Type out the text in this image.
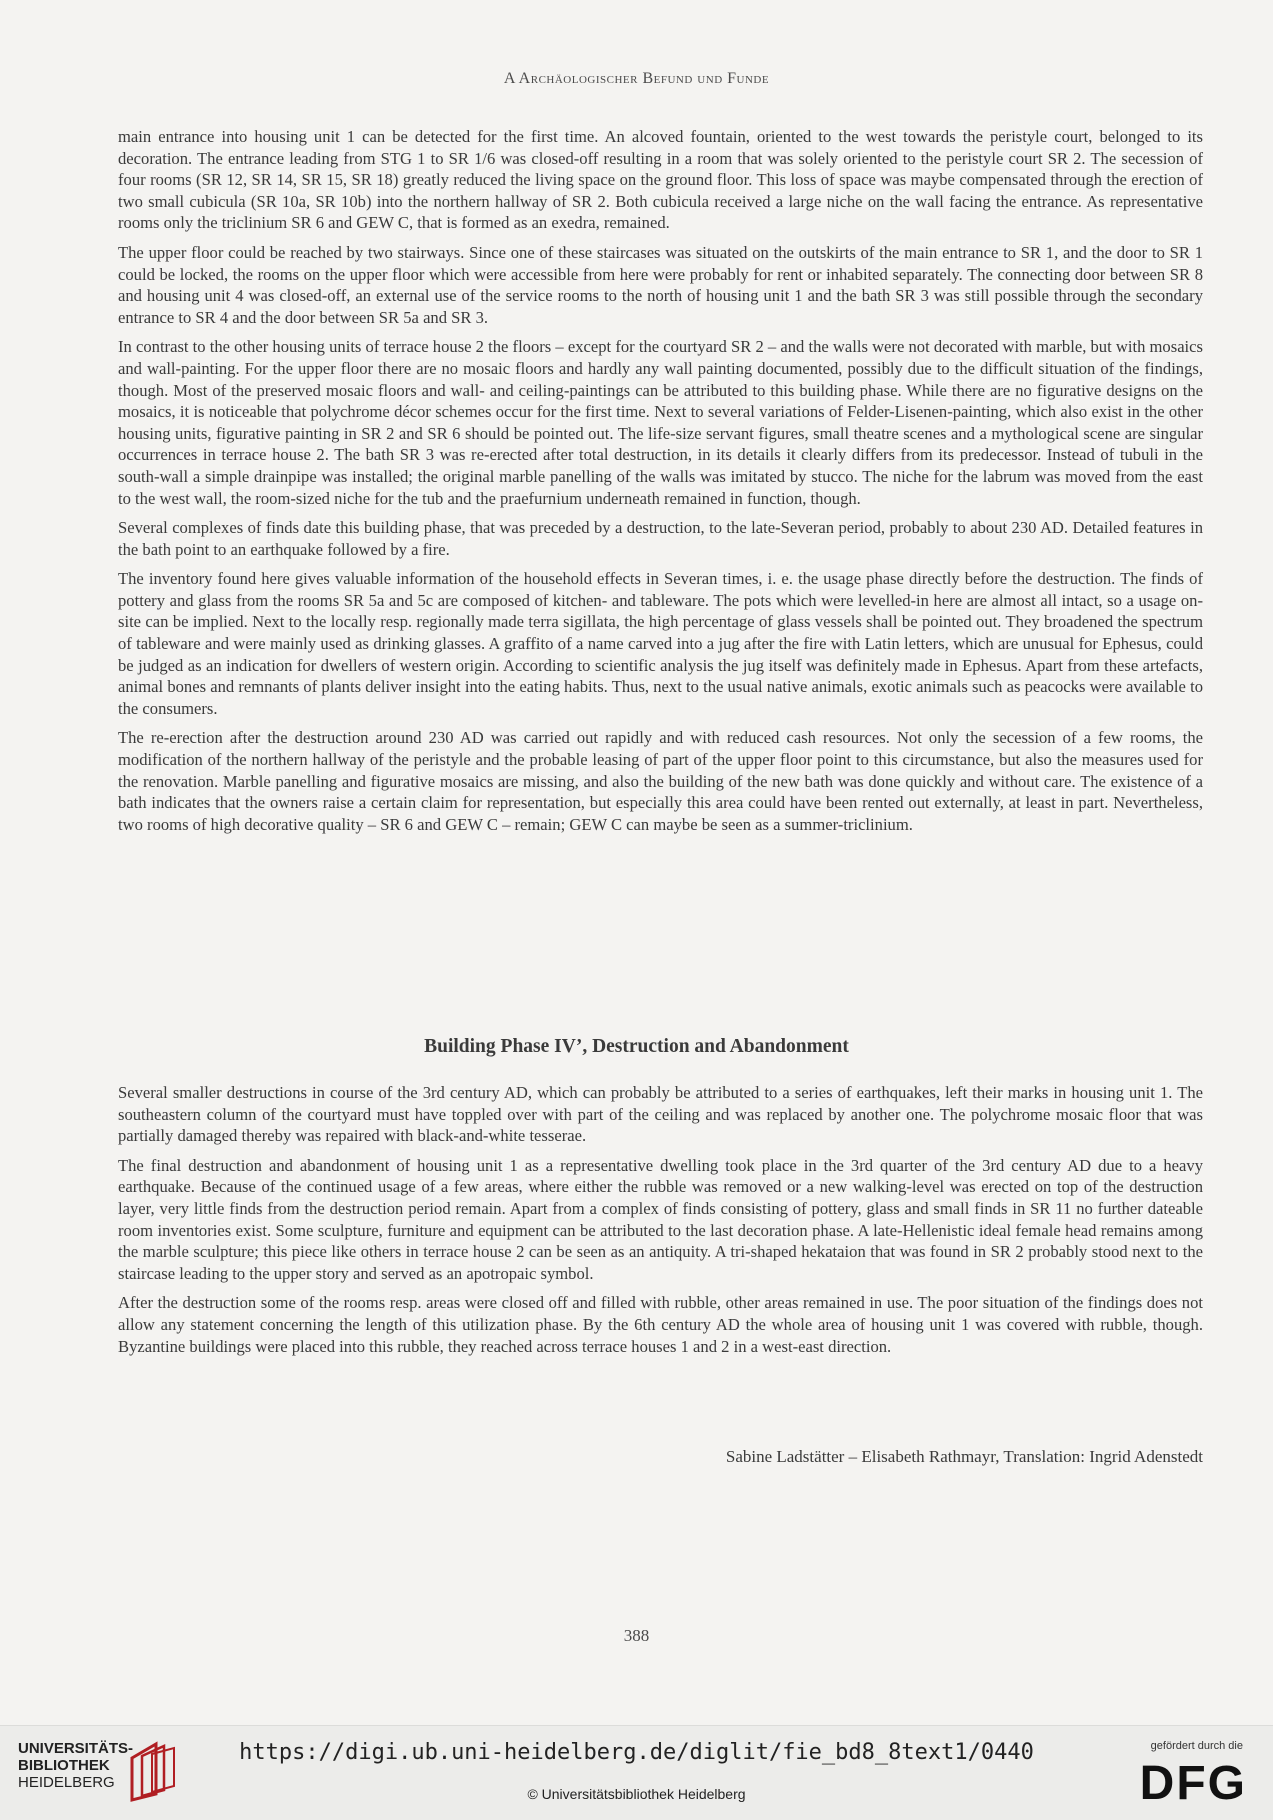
A Archäologischer Befund und Funde

main entrance into housing unit 1 can be detected for the first time. An alcoved fountain, oriented to the west towards the peristyle court, belonged to its decoration. The entrance leading from STG 1 to SR 1/6 was closed-off resulting in a room that was solely oriented to the peristyle court SR 2. The secession of four rooms (SR 12, SR 14, SR 15, SR 18) greatly reduced the living space on the ground floor. This loss of space was maybe compensated through the erection of two small cubicula (SR 10a, SR 10b) into the northern hallway of SR 2. Both cubicula received a large niche on the wall facing the entrance. As representative rooms only the triclinium SR 6 and GEW C, that is formed as an exedra, remained.

The upper floor could be reached by two stairways. Since one of these staircases was situated on the outskirts of the main entrance to SR 1, and the door to SR 1 could be locked, the rooms on the upper floor which were accessible from here were probably for rent or inhabited separately. The connecting door between SR 8 and housing unit 4 was closed-off, an external use of the service rooms to the north of housing unit 1 and the bath SR 3 was still possible through the secondary entrance to SR 4 and the door between SR 5a and SR 3.

In contrast to the other housing units of terrace house 2 the floors – except for the courtyard SR 2 – and the walls were not decorated with marble, but with mosaics and wall-painting. For the upper floor there are no mosaic floors and hardly any wall painting documented, possibly due to the difficult situation of the findings, though. Most of the preserved mosaic floors and wall- and ceiling-paintings can be attributed to this building phase. While there are no figurative designs on the mosaics, it is noticeable that polychrome décor schemes occur for the first time. Next to several variations of Felder-Lisenen-painting, which also exist in the other housing units, figurative painting in SR 2 and SR 6 should be pointed out. The life-size servant figures, small theatre scenes and a mythological scene are singular occurrences in terrace house 2. The bath SR 3 was re-erected after total destruction, in its details it clearly differs from its predecessor. Instead of tubuli in the south-wall a simple drainpipe was installed; the original marble panelling of the walls was imitated by stucco. The niche for the labrum was moved from the east to the west wall, the room-sized niche for the tub and the praefurnium underneath remained in function, though.

Several complexes of finds date this building phase, that was preceded by a destruction, to the late-Severan period, probably to about 230 AD. Detailed features in the bath point to an earthquake followed by a fire.

The inventory found here gives valuable information of the household effects in Severan times, i. e. the usage phase directly before the destruction. The finds of pottery and glass from the rooms SR 5a and 5c are composed of kitchen- and tableware. The pots which were levelled-in here are almost all intact, so a usage on-site can be implied. Next to the locally resp. regionally made terra sigillata, the high percentage of glass vessels shall be pointed out. They broadened the spectrum of tableware and were mainly used as drinking glasses. A graffito of a name carved into a jug after the fire with Latin letters, which are unusual for Ephesus, could be judged as an indication for dwellers of western origin. According to scientific analysis the jug itself was definitely made in Ephesus. Apart from these artefacts, animal bones and remnants of plants deliver insight into the eating habits. Thus, next to the usual native animals, exotic animals such as peacocks were available to the consumers.

The re-erection after the destruction around 230 AD was carried out rapidly and with reduced cash resources. Not only the secession of a few rooms, the modification of the northern hallway of the peristyle and the probable leasing of part of the upper floor point to this circumstance, but also the measures used for the renovation. Marble panelling and figurative mosaics are missing, and also the building of the new bath was done quickly and without care. The existence of a bath indicates that the owners raise a certain claim for representation, but especially this area could have been rented out externally, at least in part. Nevertheless, two rooms of high decorative quality – SR 6 and GEW C – remain; GEW C can maybe be seen as a summer-triclinium.

Building Phase IV’, Destruction and Abandonment

Several smaller destructions in course of the 3rd century AD, which can probably be attributed to a series of earthquakes, left their marks in housing unit 1. The southeastern column of the courtyard must have toppled over with part of the ceiling and was replaced by another one. The polychrome mosaic floor that was partially damaged thereby was repaired with black-and-white tesserae.

The final destruction and abandonment of housing unit 1 as a representative dwelling took place in the 3rd quarter of the 3rd century AD due to a heavy earthquake. Because of the continued usage of a few areas, where either the rubble was removed or a new walking-level was erected on top of the destruction layer, very little finds from the destruction period remain. Apart from a complex of finds consisting of pottery, glass and small finds in SR 11 no further dateable room inventories exist. Some sculpture, furniture and equipment can be attributed to the last decoration phase. A late-Hellenistic ideal female head remains among the marble sculpture; this piece like others in terrace house 2 can be seen as an antiquity. A tri-shaped hekataion that was found in SR 2 probably stood next to the staircase leading to the upper story and served as an apotropaic symbol.

After the destruction some of the rooms resp. areas were closed off and filled with rubble, other areas remained in use. The poor situation of the findings does not allow any statement concerning the length of this utilization phase. By the 6th century AD the whole area of housing unit 1 was covered with rubble, though. Byzantine buildings were placed into this rubble, they reached across terrace houses 1 and 2 in a west-east direction.

Sabine Ladstätter – Elisabeth Rathmayr, Translation: Ingrid Adenstedt
388
UNIVERSITÄTS-
BIBLIOTHEK
HEIDELBERG
https://digi.ub.uni-heidelberg.de/diglit/fie_bd8_8text1/0440
© Universitätsbibliothek Heidelberg
gefördert durch die
DFG
